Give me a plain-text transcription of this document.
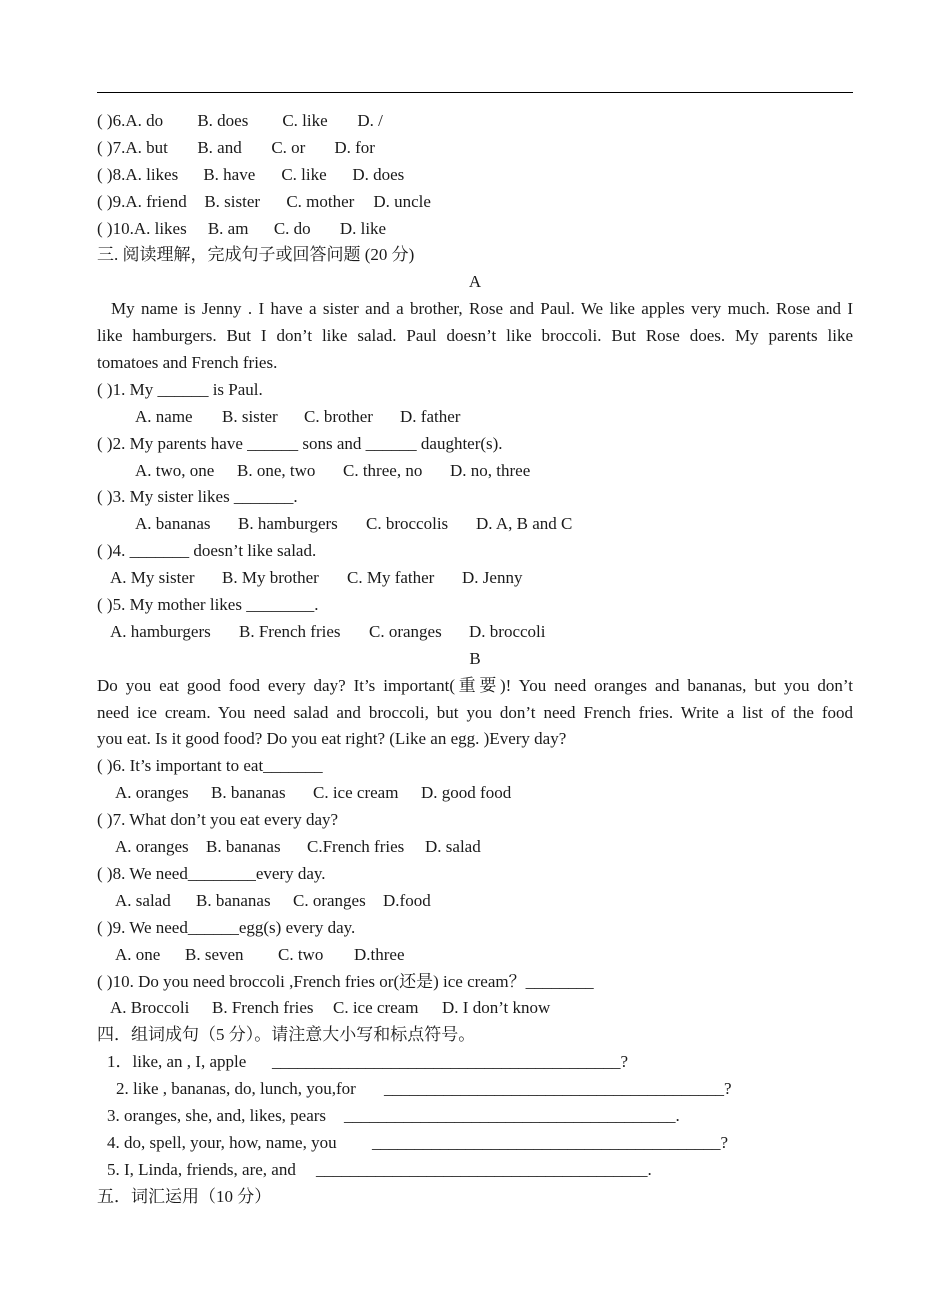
( )6.A. do B. does C. like D. /
( )7.A. but B. and C. or D. for
( )8.A. likes B. have C. like D. does
( )9.A. friend B. sister C. mother D. uncle
( )10.A. likes B. am C. do D. like
三. 阅读理解，完成句子或回答问题 (20 分)
A
My name is Jenny . I have a sister and a brother, Rose and Paul. We like apples very much. Rose and I
like hamburgers. But I don’t like salad. Paul doesn’t like broccoli. But Rose does. My parents like
tomatoes and French fries.
( )1. My ______ is Paul.
A. name B. sister C. brother D. father
( )2. My parents have ______ sons and ______ daughter(s).
A. two, one B. one, two C. three, no D. no, three
( )3. My sister likes _______.
A. bananas B. hamburgers C. broccolis D. A, B and C
( )4. _______ doesn’t like salad.
A. My sister B. My brother C. My father D. Jenny
( )5. My mother likes ________.
A. hamburgers B. French fries C. oranges D. broccoli
B
Do you eat good food every day? It’s important(重要)! You need oranges and bananas, but you don’t
need ice cream. You need salad and broccoli, but you don’t need French fries. Write a list of the food
you eat. Is it good food? Do you eat right? (Like an egg. )Every day?
( )6. It’s important to eat_______
A. oranges B. bananas C. ice cream D. good food
( )7. What don’t you eat every day?
A. oranges B. bananas C.French fries D. salad
( )8. We need________every day.
A. salad B. bananas C. oranges D.food
( )9. We need______egg(s) every day.
A. one B. seven C. two D.three
( )10. Do you need broccoli ,French fries or(还是) ice cream？________
A. Broccoli B. French fries C. ice cream D. I don’t know
四．组词成句（5 分）。请注意大小写和标点符号。
1．like, an , I, apple _________________________________________?
2. like , bananas, do, lunch, you,for ________________________________________?
3. oranges, she, and, likes, pears _______________________________________.
4. do, spell, your, how, name, you _________________________________________?
5. I, Linda, friends, are, and _______________________________________.
五．词汇运用（10 分）
